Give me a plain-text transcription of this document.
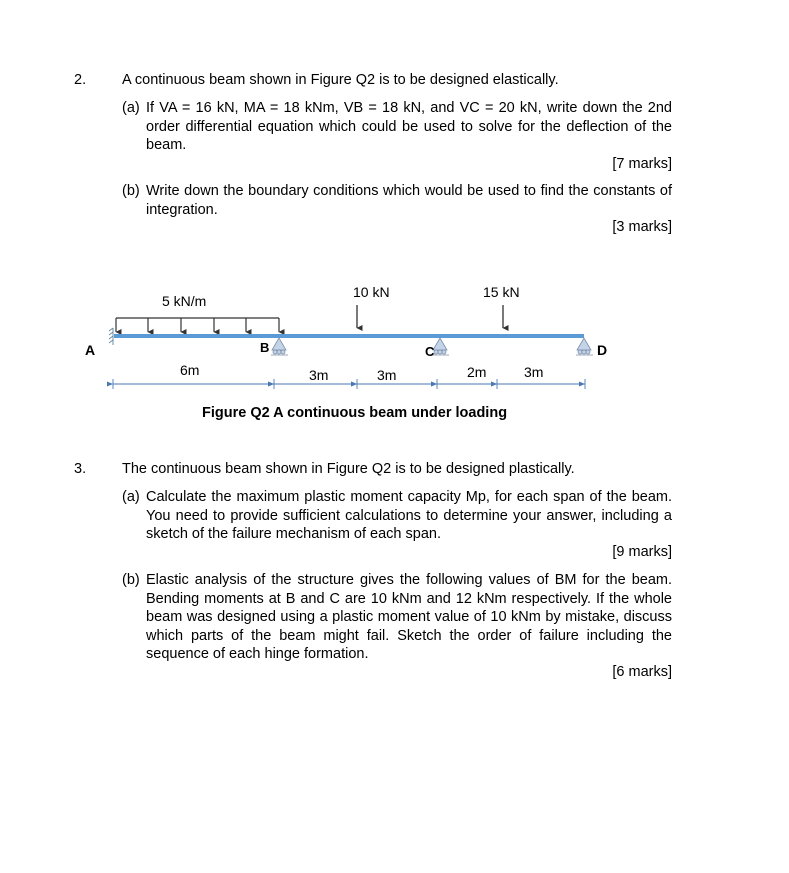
2. A continuous beam shown in Figure Q2 is to be designed elastically.
(a) If VA = 16 kN, MA = 18 kNm, VB = 18 kN, and VC = 20 kN, write down the 2nd order differential equation which could be used to solve for the deflection of the beam.
[7 marks]
(b) Write down the boundary conditions which would be used to find the constants of integration.
[3 marks]
5 kN/m
10 kN	15 kN
A	B	C	D
6m	3m	3m	2m	3m
Figure Q2 A continuous beam under loading
3. The continuous beam shown in Figure Q2 is to be designed plastically.
(a) Calculate the maximum plastic moment capacity Mp, for each span of the beam. You need to provide sufficient calculations to determine your answer, including a sketch of the failure mechanism of each span.
[9 marks]
(b) Elastic analysis of the structure gives the following values of BM for the beam. Bending moments at B and C are 10 kNm and 12 kNm respectively. If the whole beam was designed using a plastic moment value of 10 kNm by mistake, discuss which parts of the beam might fail. Sketch the order of failure including the sequence of each hinge formation.
[6 marks]
